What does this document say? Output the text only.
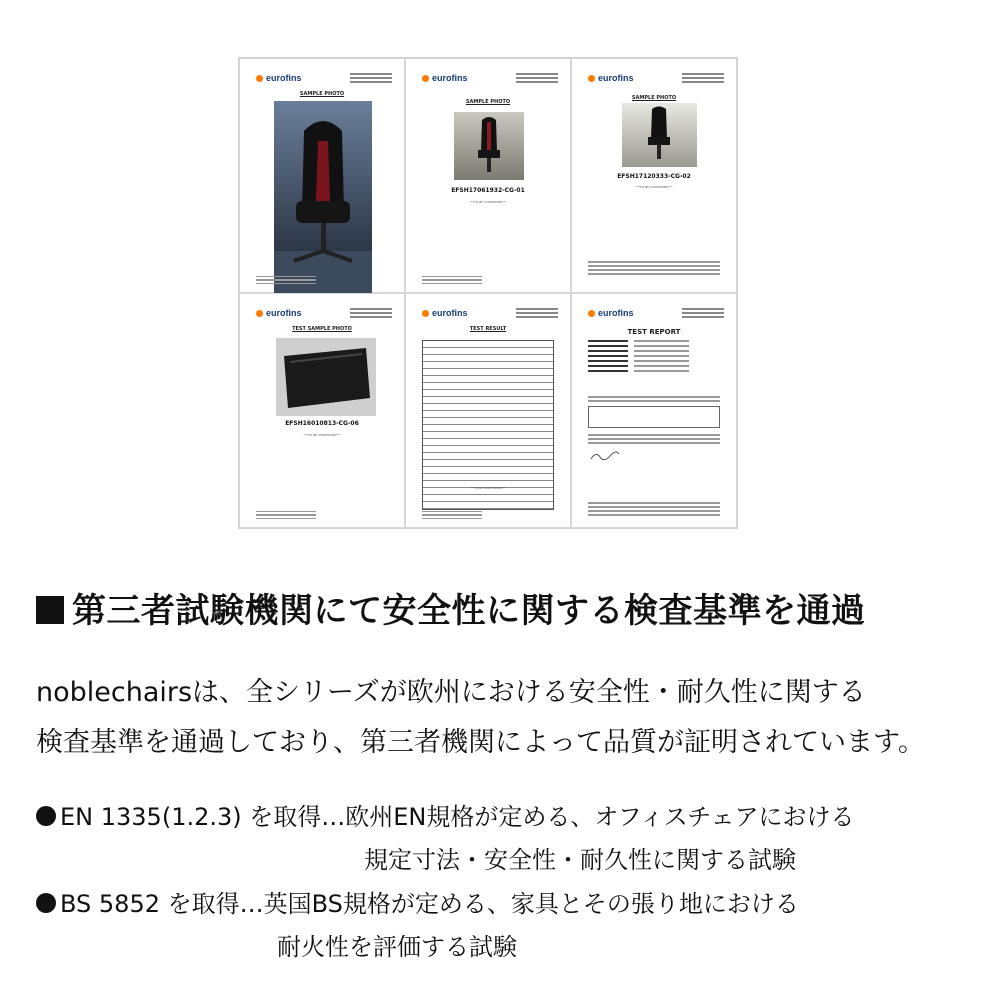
eurofins
SAMPLE PHOTO
eurofins
SAMPLE PHOTO
EFSH17061932-CG-01
***TO BE CONTINUED***
eurofins
SAMPLE PHOTO
EFSH17120333-CG-02
***TO BE CONTINUED***
eurofins
TEST SAMPLE PHOTO
EFSH16010813-CG-06
***TO BE CONTINUED***
eurofins
TEST RESULT
***TO BE CONTINUED***
eurofins
TEST REPORT
第三者試験機関にて安全性に関する検査基準を通過
noblechairsは、全シリーズが欧州における安全性・耐久性に関する
検査基準を通過しており、第三者機関によって品質が証明されています。
EN 1335(1.2.3) を取得…欧州EN規格が定める、オフィスチェアにおける
規定寸法・安全性・耐久性に関する試験
BS 5852 を取得…英国BS規格が定める、家具とその張り地における
耐火性を評価する試験
